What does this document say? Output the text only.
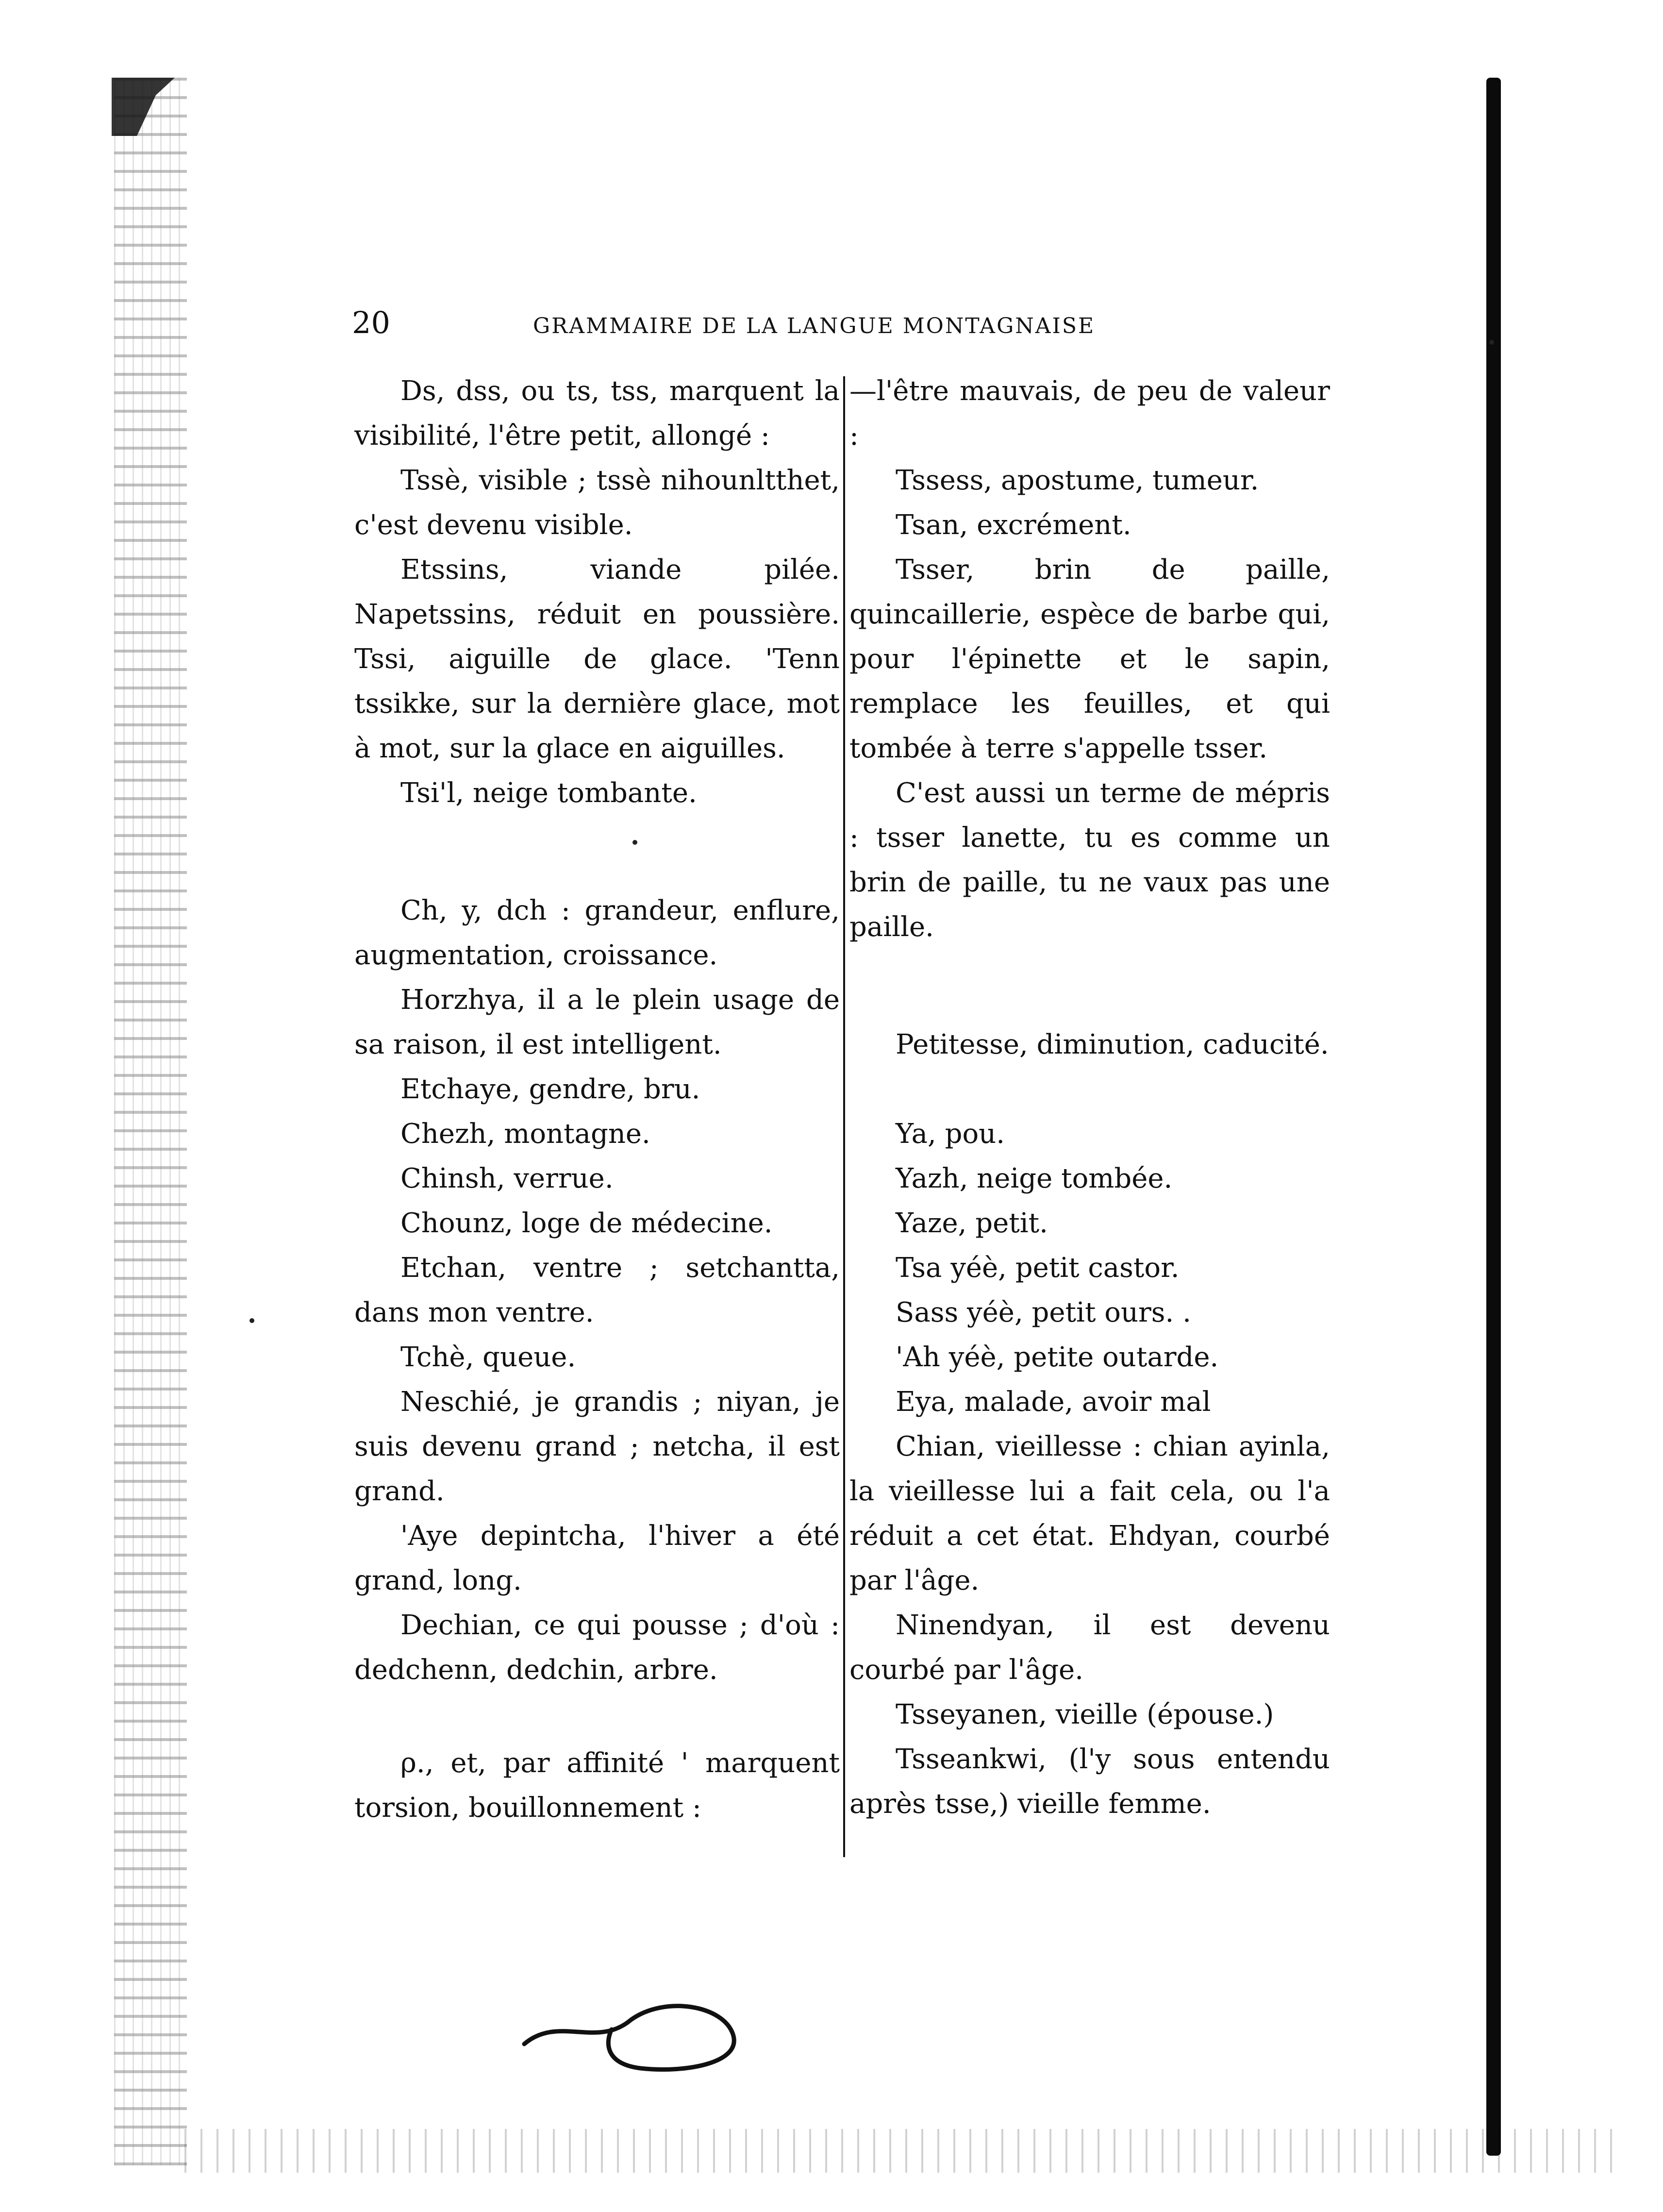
20	GRAMMAIRE DE LA LANGUE MONTAGNAISE

Ds, dss, ou ts, tss, marquent la visibilité, l'être petit, allongé :

Tssè, visible ; tssè nihounltthet, c'est devenu visible.

Etssins, viande pilée. Napetssins, réduit en poussière. Tssi, aiguille de glace. 'Tenn tssikke, sur la dernière glace, mot à mot, sur la glace en aiguilles.

Tsi'l, neige tombante.

Ch, y, dch : grandeur, enflure, augmentation, croissance.

Horzhya, il a le plein usage de sa raison, il est intelligent.

Etchaye, gendre, bru.

Chezh, montagne.

Chinsh, verrue.

Chounz, loge de médecine.

Etchan, ventre ; setchantta, dans mon ventre.

Tchè, queue.

Neschié, je grandis ; niyan, je suis devenu grand ; netcha, il est grand.

'Aye depintcha, l'hiver a été grand, long.

Dechian, ce qui pousse ; d'où : dedchenn, dedchin, arbre.

ρ., et, par affinité ' marquent torsion, bouillonnement :

—l'être mauvais, de peu de valeur :

Tssess, apostume, tumeur.

Tsan, excrément.

Tsser, brin de paille, quincaillerie, espèce de barbe qui, pour l'épinette et le sapin, remplace les feuilles, et qui tombée à terre s'appelle tsser.

C'est aussi un terme de mépris : tsser lanette, tu es comme un brin de paille, tu ne vaux pas une paille.

Petitesse, diminution, caducité.

Ya, pou.

Yazh, neige tombée.

Yaze, petit.

Tsa yéè, petit castor.

Sass yéè, petit ours. .

'Ah yéè, petite outarde.

Eya, malade, avoir mal

Chian, vieillesse : chian ayinla, la vieillesse lui a fait cela, ou l'a réduit a cet état. Ehdyan, courbé par l'âge.

Ninendyan, il est devenu courbé par l'âge.

Tsseyanen, vieille (épouse.)

Tsseankwi, (l'y sous entendu après tsse,) vieille femme.
